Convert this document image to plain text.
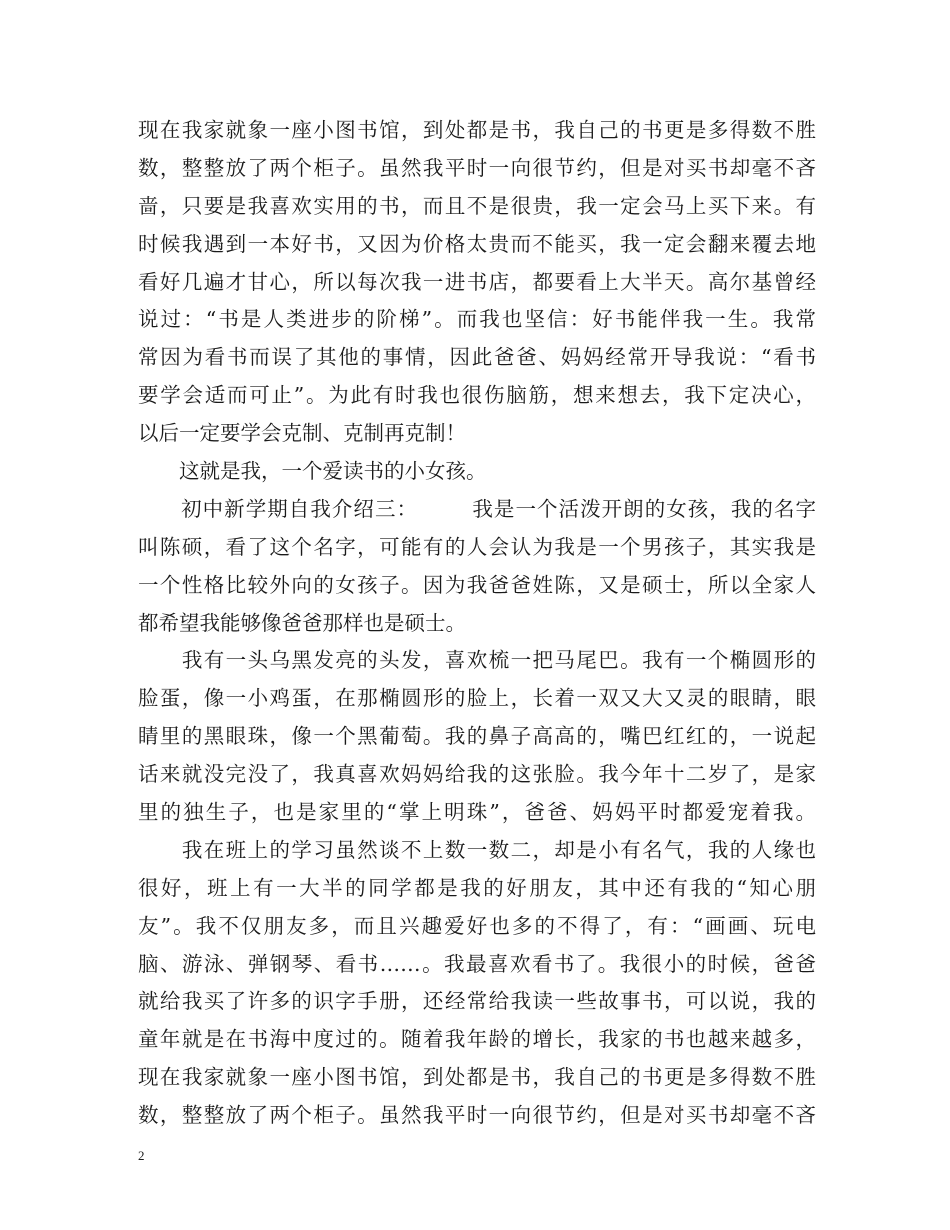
现在我家就象一座小图书馆，到处都是书，我自己的书更是多得数不胜
数，整整放了两个柜子。虽然我平时一向很节约，但是对买书却毫不吝
啬，只要是我喜欢实用的书，而且不是很贵，我一定会马上买下来。有
时候我遇到一本好书，又因为价格太贵而不能买，我一定会翻来覆去地
看好几遍才甘心，所以每次我一进书店，都要看上大半天。高尔基曾经
说过：“书是人类进步的阶梯”。而我也坚信：好书能伴我一生。我常
常因为看书而误了其他的事情，因此爸爸、妈妈经常开导我说：“看书
要学会适而可止”。为此有时我也很伤脑筋，想来想去，我下定决心，
以后一定要学会克制、克制再克制！
　　这就是我，一个爱读书的小女孩。
　　初中新学期自我介绍三：　　　我是一个活泼开朗的女孩，我的名字
叫陈硕，看了这个名字，可能有的人会认为我是一个男孩子，其实我是
一个性格比较外向的女孩子。因为我爸爸姓陈，又是硕士，所以全家人
都希望我能够像爸爸那样也是硕士。
　　我有一头乌黑发亮的头发，喜欢梳一把马尾巴。我有一个椭圆形的
脸蛋，像一小鸡蛋，在那椭圆形的脸上，长着一双又大又灵的眼睛，眼
睛里的黑眼珠，像一个黑葡萄。我的鼻子高高的，嘴巴红红的，一说起
话来就没完没了，我真喜欢妈妈给我的这张脸。我今年十二岁了，是家
里的独生子，也是家里的“掌上明珠”，爸爸、妈妈平时都爱宠着我。
　　我在班上的学习虽然谈不上数一数二，却是小有名气，我的人缘也
很好，班上有一大半的同学都是我的好朋友，其中还有我的“知心朋
友”。我不仅朋友多，而且兴趣爱好也多的不得了，有：“画画、玩电
脑、游泳、弹钢琴、看书……。我最喜欢看书了。我很小的时候，爸爸
就给我买了许多的识字手册，还经常给我读一些故事书，可以说，我的
童年就是在书海中度过的。随着我年龄的增长，我家的书也越来越多，
现在我家就象一座小图书馆，到处都是书，我自己的书更是多得数不胜
数，整整放了两个柜子。虽然我平时一向很节约，但是对买书却毫不吝
2
